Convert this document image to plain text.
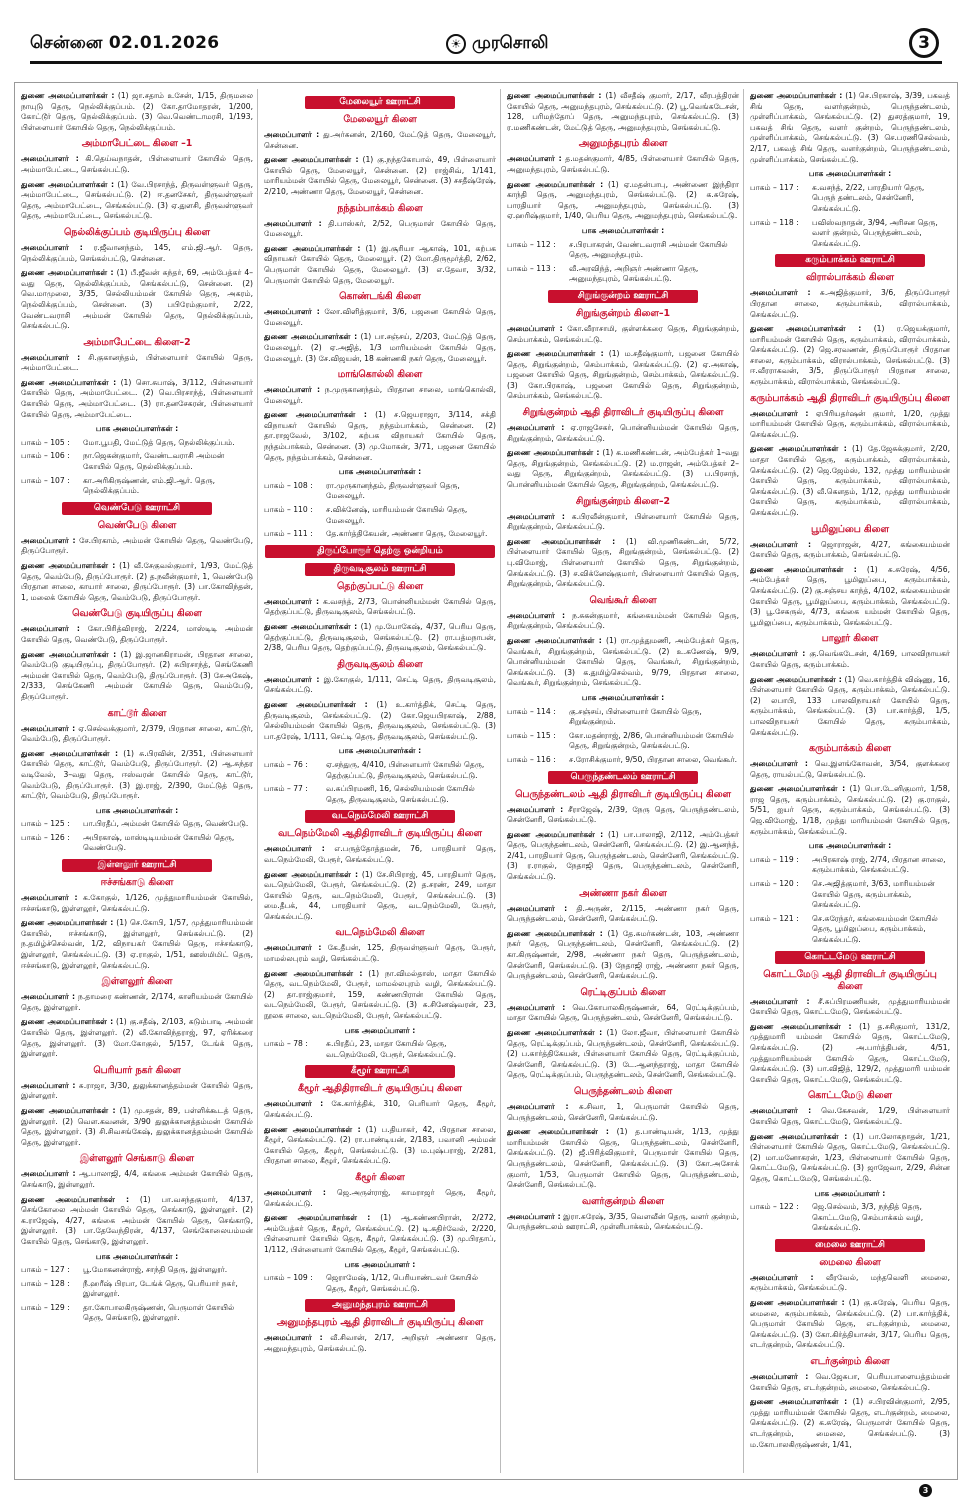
சென்னை 02.01.2026	☀ முரசொலி	3
துணை அமைப்பாளர்கள் : (1) ஜா.சதாம் உசேன், 1/15, திருமலை நாயுடு தெரு, நெல்லிக்குப்பம். (2) கோ.தாமோதரன், 1/200, கோட்டூர் தெரு, நெல்லிக்குப்பம். (3) வெ.வெண்டாமரசி, 1/193, பிள்ளையார் கோயில் தெரு, நெல்லிக்குப்பம்.
அம்மாபேட்டை கிளை –1
அமைப்பாளர் : கி.தெய்வநாதன், பிள்ளையார் கோயில் தெரு, அம்மாபேட்டை, செங்கல்பட்டு.
துணை அமைப்பாளர்கள் : (1) வே.பிரசாந்த், திருவள்ளுவர் தெரு, அம்மாபேட்டை, செங்கல்பட்டு. (2) ஈ.தனசேகர், திருவள்ளுவர் தெரு, அம்மாபேட்டை, செங்கல்பட்டு. (3) ஏ.துளசி, திருவள்ளுவர் தெரு, அம்மாபேட்டை, செங்கல்பட்டு.
நெல்லிக்குப்பம் குடியிருப்பு கிளை
அமைப்பாளர் : ர.ஜீவானந்தம், 145, எம்.ஜி.ஆர். தெரு, நெல்லிக்குப்பம், செங்கல்பட்டு, சென்னை.
துணை அமைப்பாளர்கள் : (1) பீ.ஜீவன் சுந்தர், 69, அம்பேத்கர் 4–வது தெரு, நெல்லிக்குப்பம், செங்கல்பட்டு, சென்னை. (2) வெ.மாமுலை, 3/35, செல்லியம்மன் கோயில் தெரு, அகரம், நெல்லிக்குப்பம், சென்னை. (3) பபிரேம்குமார், 2/22, வேண்டவராசி அம்மன் கோயில் தெரு, நெல்லிக்குப்பம், செங்கல்பட்டு.
அம்மாபேட்டை கிளை–2
அமைப்பாளர் : சி.குகானந்தம், பிள்ளையார் கோயில் தெரு, அம்மாபேட்டை.
துணை அமைப்பாளர்கள் : (1) சொ.சுபாஷ், 3/112, பிள்ளையார் கோயில் தெரு, அம்மாபேட்டை. (2) வெ.பிரசாந்த், பிள்ளையார் கோயில் தெரு, அம்மாபேட்டை. (3) ரா.தனசேகரன், பிள்ளையார் கோயில் தெரு, அம்மாபேட்டை.
பாக அமைப்பாளர்கள் :
பாகம் – 105 :	மோ.பூபதி, மேட்டுத் தெரு, நெல்லிக்குப்பம்.
பாகம் – 106 :	நா.ஜெகன்குமார், வேண்டவராசி அம்மன் கோயில் தெரு, நெல்லிக்குப்பம்.
பாகம் – 107 :	கா.அரிகிருஷ்ணன், எம்.ஜி.ஆர். தெரு, நெல்லிக்குப்பம்.
வெண்பேடு ஊராட்சி
வெண்பேடு கிளை
அமைப்பாளர் : சே.பிரகாம், அம்மன் கோயில் தெரு, வெண்பேடு, திருப்போரூர்.
துணை அமைப்பாளர்கள் : (1) வீ.சேகுவல்குமார், 1/93, மேட்டுத் தெரு, வெம்பேடு, திருப்போரூர். (2) த.நவீன்குமார், 1, வெண்பேடு பிரதான சாலை, காயார் சாலை, திருப்போரூர். (3) பா.கோவிந்தன், 1, மலைக் கோயில் தெரு, வெம்பேடு, திருப்போரூர்.
வெண்பேடு குடியிருப்பு கிளை
அமைப்பாளர் : கோ.பிரித்விராஜ், 2/224, மாஸ்டிடி அம்மன் கோயில் தெரு, வெண்பேடு, திருப்போரூர்.
துணை அமைப்பாளர்கள் : (1) இ.ஜானகிராமன், பிரதான சாலை, வெம்பேடு குடியிருப்பு, திருப்போரூர். (2) சுபிரசாந்த், செங்கேணி அம்மன் கோயில் தெரு, வெம்பேடு, திருப்போரூர். (3) சேஅகேஷ், 2/333, செங்கேணி அம்மன் கோயில் தெரு, வெம்பேடு, திருப்போரூர்.
காட்டூர் கிளை
அமைப்பாளர் : ஏ.செல்வக்குமார், 2/379, பிரதான சாலை, காட்டூர், வெம்பேடு, திருப்போரூர்.
துணை அமைப்பாளர்கள் : (1) சு.பிரவின், 2/351, பிள்ளையார் கோயில் தெரு, காட்டூர், வெம்பேடு, திருப்போரூர். (2) ஆ.சுந்தர வடிவேல், 3–வது தெரு, ஈஸ்வரன் கோயில் தெரு, காட்டூர், வெம்பேடு, திருப்போரூர். (3) இ.ராஜ், 2/390, மேட்டுத் தெரு, காட்டூர், வெம்பேடு, திருப்போரூர்.
பாக அமைப்பாளர்கள் :
பாகம் – 125 :	பா.பிரதீப், அம்மன் கோயில் தெரு, வெண்பேடு.
பாகம் – 126 :	அபிரகாஷ், மாஸ்டிடியம்மன் கோயில் தெரு, வெண்பேடு.
இள்ளலூர் ஊராட்சி
ஈச்சங்காடு கிளை
அமைப்பாளர் : க.கோகுல், 1/126, முத்துமாரியம்மன் கோயில், ஈச்சங்காடு, இள்ளலூர், செங்கல்பட்டு.
துணை அமைப்பாளர்கள் : (1) செ.கோபி, 1/57, முத்துமாரியம்மன் கோயில், ஈச்சங்காடு, இள்ளலூர், செங்கல்பட்டு. (2) ந.தமிழ்ச்செல்வன், 1/2, விநாயகர் கோயில் தெரு, ஈச்சங்காடு, இள்ளலூர், செங்கல்பட்டு. (3) ஏ.ராகுல், 1/51, ஊஸ்மிமிட் தெரு, ஈச்சங்காடு, இள்ளலூர், செங்கல்பட்டு.
இள்ளலூர் கிளை
அமைப்பாளர் : ந.தாமரை கண்ணன், 2/174, காளியம்மன் கோயில் தெரு, இள்ளலூர்.
துணை அமைப்பாளர்கள் : (1) கு.சதீஷ், 2/103, கடும்பாடி அம்மன் கோயில் தெரு, இள்ளலூர். (2) வீ.கோவிந்தராஜ், 97, ஏரிக்கரை தெரு, இள்ளலூர். (3) மோ.கோகுல், 5/157, டேங்க் தெரு, இள்ளலூர்.
பெரியார் நகர் கிளை
அமைப்பாளர் : சு.ராஜா, 3/30, துலுக்கானத்தம்மன் கோயில் தெரு, இள்ளலூர்.
துணை அமைப்பாளர்கள் : (1) மு.சதன், 89, பள்ளிக்கூடத் தெரு, இள்ளலூர். (2) வெள.கவனன், 3/90 துலுக்கானத்தம்மன் கோயில் தெரு, இள்ளலூர். (3) சி.சிவசங்கேஷ், துலுக்கானத்தம்மன் கோயில் தெரு, இள்ளலூர்.
இள்ளலூர் செங்காடு கிளை
அமைப்பாளர் : ஆ.பாலாஜி, 4/4, கங்கை அம்மன் கோயில் தெரு, செங்காடு, இள்ளலூர்.
துணை அமைப்பாளர்கள் : (1) பா.வசந்தகுமார், 4/137, செங்கோலை அம்மன் கோயில் தெரு, செங்காடு, இள்ளலூர். (2) க.ராஜேஷ், 4/27, கங்கை அம்மன் கோயில் தெரு, செங்காடு, இள்ளலூர். (3) பா.தேவேந்திரன், 4/137, செங்கோலையம்மன் கோயில் தெரு, செங்காடு, இள்ளலூர்.
பாக அமைப்பாளர்கள் :
பாகம் – 127 :	பூ.மோகனன்ராஜ், சாந்தி தெரு, இள்ளலூர்.
பாகம் – 128 :	நீ.ஹரீஷ் பிரபா, டேங்க் தெரு, பெரியார் நகர், இள்ளலூர்.
பாகம் – 129 :	தா.கோபாலகிருஷ்ணன், பெருமாள் கோயில் தெரு, செங்காடு, இள்ளலூர்.
மேலையூர் ஊராட்சி
மேலையூர் கிளை
அமைப்பாளர் : து.அர்சுனன், 2/160, மேட்டுத் தெரு, மேலையூர், சென்னை.
துணை அமைப்பாளர்கள் : (1) கு.நந்தகோபால், 49, பிள்ளையார் கோயில் தெரு, மேலையூர், சென்னை. (2) ராஜ்சிவ், 1/141, மாரியம்மன் கோயில் தெரு, மேலையூர், சென்னை. (3) சசதீஷ்ரேஷ், 2/210, அண்ணா தெரு, மேலையூர், சென்னை.
நந்தம்பாக்கம் கிளை
அமைப்பாளர் : தி.பாஸ்கர், 2/52, பெருமாள் கோயில் தெரு, மேலையூர்.
துணை அமைப்பாளர்கள் : (1) இ.சூரியா ஆகாஷ், 101, கற்பக விநாயகர் கோயில் தெரு, மேலையூர். (2) மோ.திருமூர்த்தி, 2/62, பெருமாள் கோயில் தெரு, மேலையூர். (3) எ.தேவா, 3/32, பெருமாள் கோயில் தெரு, மேலையூர்.
கொண்டங்கி கிளை
அமைப்பாளர் : லோ.விளித்குமார், 3/6, பஜனை கோயில் தெரு, மேலையூர்.
துணை அமைப்பாளர்கள் : (1) பா.சஞ்சய், 2/203, மேட்டுத் தெரு, மேலையூர். (2) ஏ.அஜித், 1/3 மாரியம்மன் கோயில் தெரு, மேலையூர். (3) சே.விஜயன், 18 கண்ணகி நகர் தெரு, மேலையூர்.
மாங்கொல்லி கிளை
அமைப்பாளர் : ந.முருகானந்தம், பிரதான சாலை, மாங்கொல்லி, மேலையூர்.
துணை அமைப்பாளர்கள் : (1) ச.ஜெயராஜா, 3/114, சக்தி விநாயகர் கோயில் தெரு, நந்தம்பாக்கம், சென்னை. (2) தா.ராஜவேல், 3/102, கற்பக விநாயகர் கோயில் தெரு, நந்தம்பாக்கம், சென்னை. (3) மு.மோகன், 3/71, பஜனை கோயில் தெரு, நந்தம்பாக்கம், சென்னை.
பாக அமைப்பாளர்கள் :
பாகம் – 108 :	ரா.முருகானந்தம், திருவள்ளுவர் தெரு, மேலையூர்.
பாகம் – 110 :	ச.விக்னேஷ், மாரியம்மன் கோயில் தெரு, மேலையூர்.
பாகம் – 111 :	தே.கார்த்திகேயன், அண்ணா தெரு, மேலையூர்.
திருப்போரூர் தெற்கு ஒன்றியம்
திருவடிசூலம் ஊராட்சி
தெற்குப்பட்டு கிளை
அமைப்பாளர் : க.வசந்த், 2/73, பொன்னியம்மன் கோயில் தெரு, தெற்குப்பட்டு, திருவடிசூலம், செங்கல்பட்டு.
துணை அமைப்பாளர்கள் : (1) மு.யோகேஷ், 4/37, பெரிய தெரு, தெற்குப்பட்டு, திருவடிசூலம், செங்கல்பட்டு. (2) ரா.பத்மநாபன், 2/38, பெரிய தெரு, தெற்குப்பட்டு, திருவடிசூலம், செங்கல்பட்டு.
திருவடிசூலம் கிளை
அமைப்பாளர் : இ.கோகுல், 1/111, செட்டி தெரு, திருவடிசூலம், செங்கல்பட்டு.
துணை அமைப்பாளர்கள் : (1) உ.கார்த்திக், செட்டி தெரு, திருவடிசூலம், செங்கல்பட்டு. (2) கோ.ஜெயபிரகாஷ், 2/88, செல்லியம்மன் கோயில் தெரு, திருவடிசூலம், செங்கல்பட்டு. (3) பா.தரேஷ், 1/111, செட்டி தெரு, திருவடிசூலம், செங்கல்பட்டு.
பாக அமைப்பாளர்கள் :
பாகம் – 76 :	ஏ.சந்துரு, 4/410, பிள்ளையார் கோயில் தெரு, தெற்குப்பட்டு, திருவடிசூலம், செங்கல்பட்டு.
பாகம் – 77 :	வ.சுப்பிரமணி, 16, செல்லியம்மன் கோயில் தெரு, திருவடிசூலம், செங்கல்பட்டு.
வடநெம்மேலி ஊராட்சி
வடநெம்மேலி ஆதிதிராவிடர் குடியிருப்பு கிளை
அமைப்பாளர் : எ.பருத்தோத்தமன், 76, பாரதியார் தெரு, வடநெம்மேலி, பேரூர், செங்கல்பட்டு.
துணை அமைப்பாளர்கள் : (1) சே.சிபிராஜ், 45, பாரதியார் தெரு, வடநெம்மேலி, பேரூர், செங்கல்பட்டு. (2) த.சரண், 249, மாதா கோயில் தெரு, வடநெம்மேலி, பேரூர், செங்கல்பட்டு. (3) மை.தீபக், 44, பாரதியார் தெரு, வடநெம்மேலி, பேரூர், செங்கல்பட்டு.
வடநெம்மேலி கிளை
அமைப்பாளர் : கே.தீபன், 125, திருவள்ளுவர் தெரு, பேரூர், மாமல்லபுரம் வழி, செங்கல்பட்டு.
துணை அமைப்பாளர்கள் : (1) நா.விமல்தாஸ், மாதா கோயில் தெரு, வடநெம்மேலி, பேரூர், மாமல்லபுரம் வழி, செங்கல்பட்டு. (2) தா.ராஜ்குமார், 159, கண்ணபிரான் கோயில் தெரு, வடநெம்மேலி, பேரூர், செங்கல்பட்டு. (3) சு.சினேஷ்வரன், 23, நூலக சாலை, வடநெம்மேலி, பேரூர், செங்கல்பட்டு.
பாக அமைப்பாளர் :
பாகம் – 78 :	சு.பிரதீப், 23, மாதா கோயில் தெரு, வடநெம்மேலி, பேரூர், செங்கல்பட்டு.
கீழூர் ஊராட்சி
கீழூர் ஆதிதிராவிடர் குடியிருப்பு கிளை
அமைப்பாளர் : கே.கார்த்திக், 310, பெரியார் தெரு, கீழூர், செங்கல்பட்டு.
துணை அமைப்பாளர்கள் : (1) ப.தியாகர், 42, பிரதான சாலை, கீழூர், செங்கல்பட்டு. (2) ரா.பாண்டியன், 2/183, பவானி அம்மன் கோயில் தெரு, கீழூர், செங்கல்பட்டு. (3) ம.புஷ்பராஜ், 2/281, பிரதான சாலை, கீழூர், செங்கல்பட்டு.
கீழூர் கிளை
அமைப்பாளர் : ஜெ.அருள்ராஜ், காமராஜர் தெரு, கீழூர், செங்கல்பட்டு.
துணை அமைப்பாளர்கள் : (1) ஆ.கண்ணபிரான், 2/272, அம்பேத்கர் தெரு, கீழூர், செங்கல்பட்டு. (2) டி.கதிர்வேல், 2/220, பிள்ளையார் கோயில் தெரு, கீழூர், செங்கல்பட்டு. (3) மு.பிரதாப், 1/112, பிள்ளையார் கோயில் தெரு, கீழூர், செங்கல்பட்டு.
பாக அமைப்பாளர் :
பாகம் – 109 :	ஜெராமேஷ், 1/12, பெரியாண்டவர் கோயில் தெரு, கீழூர், செங்கல்பட்டு.
அனுமந்தபுரம் ஊராட்சி
அனுமந்தபுரம் ஆதி திராவிடர் குடியிருப்பு கிளை
அமைப்பாளர் : வீ.சிவான், 2/17, அறிஞர் அண்ணா தெரு, அனுமந்தபுரம், செங்கல்பட்டு.
துணை அமைப்பாளர்கள் : (1) வீசதீஷ் குமார், 2/17, வீரபத்திரன் கோயில் தெரு, அனுமந்தபுரம், செங்கல்பட்டு. (2) பூ.வெங்கடேசன், 128, பரிமந்தோப் தெரு, அனுமந்தபுரம், செங்கல்பட்டு. (3) ர.மணிகண்டன், மேட்டுத் தெரு, அனுமந்தபுரம், செங்கல்பட்டு.
அனுமந்தபுரம் கிளை
அமைப்பாளர் : த.மதன்குமார், 4/85, பிள்ளையார் கோயில் தெரு, அனுமந்தபுரம், செங்கல்பட்டு.
துணை அமைப்பாளர்கள் : (1) ஏ.மதன்பாபு, அண்ணை இந்திரா காந்தி தெரு, அனுமந்தபுரம், செங்கல்பட்டு. (2) க.சுரேஷ், பாரதியார் தெரு, அனுமந்தபுரம், செங்கல்பட்டு. (3) ஏ.ஹரிஷ்குமார், 1/40, பெரிய தெரு, அனுமந்தபுரம், செங்கல்பட்டு.
பாக அமைப்பாளர்கள் :
பாகம் – 112 :	ச.பிரபாகரன், வேண்டவராசி அம்மன் கோயில் தெரு, அனுமந்தபுரம்.
பாகம் – 113 :	வீ.அரவிந்த், அறிஞர் அண்ணா தெரு, அனுமந்தபுரம், செங்கல்பட்டு.
சிறுங்குன்றம் ஊராட்சி
சிறுங்குன்றம் கிளை–1
அமைப்பாளர் : கோ.வீராசாமி, குள்ளக்கரை தெரு, சிறுங்குன்றம், செம்பாக்கம், செங்கல்பட்டு.
துணை அமைப்பாளர்கள் : (1) ம.சதீஷ்குமார், பஜனை கோயில் தெரு, சிறுங்குன்றம், செம்பாக்கம், செங்கல்பட்டு. (2) ஏ.அகாஷ், பஜனை கோயில் தெரு, சிறுங்குன்றம், செம்பாக்கம், செங்கல்பட்டு. (3) கோ.பிரகாஷ், பஜனை கோயில் தெரு, சிறுங்குன்றம், செம்பாக்கம், செங்கல்பட்டு.
சிறுங்குன்றம் ஆதி திராவிடர் குடியிருப்பு கிளை
அமைப்பாளர் : ஏ.ராஜசேகர், பொன்னியம்மன் கோயில் தெரு, சிறுங்குன்றம், செங்கல்பட்டு.
துணை அமைப்பாளர்கள் : (1) க.மணிகண்டன், அம்பேத்கர் 1–வது தெரு, சிறுங்குன்றம், செங்கல்பட்டு. (2) ம.ராஜன், அம்பேத்கர் 2–வது தெரு, சிறுங்குன்றம், செங்கல்பட்டு. (3) ப.பிரசாந், பொன்னியம்மன் கோயில் தெரு, சிறுங்குன்றம், செங்கல்பட்டு.
சிறுங்குன்றம் கிளை–2
அமைப்பாளர் : க.பிரவீன்குமார், பிள்ளையார் கோயில் தெரு, சிறுங்குன்றம், செங்கல்பட்டு.
துணை அமைப்பாளர்கள் : (1) வி.முணிகண்டன், 5/72, பிள்ளையார் கோயில் தெரு, சிறுங்குன்றம், செங்கல்பட்டு. (2) பு.விமோஜ், பிள்ளையார் கோயில் தெரு, சிறுங்குன்றம், செங்கல்பட்டு. (3) ச.விக்னேஷ்குமார், பிள்ளையார் கோயில் தெரு, சிறுங்குன்றம், செங்கல்பட்டு.
வெங்கூர் கிளை
அமைப்பாளர் : ந.சுகன்குமார், கங்கையம்மன் கோயில் தெரு, சிறுங்குன்றம், செங்கல்பட்டு.
துணை அமைப்பாளர்கள் : (1) ரா.முத்துமணி, அம்பேத்கர் தெரு, வெங்கூர், சிறுங்குன்றம், செங்கல்பட்டு. (2) உ.கணேஷ், 9/9, பொன்னியம்மன் கோயில் தெரு, வெங்கூர், சிறுங்குன்றம், செங்கல்பட்டு. (3) க.துமிழ்செல்வம், 9/79, பிரதான சாலை, வெங்கூர், சிறுங்குன்றம், செங்கல்பட்டு.
பாக அமைப்பாளர்கள் :
பாகம் – 114 :	கு.சஞ்சய், பிள்ளையார் கோயில் தெரு, சிறுங்குன்றம்.
பாகம் – 115 :	கோ.மதன்ராஜ், 2/86, பொன்னியம்மன் கோயில் தெரு, சிறுங்குன்றம், செங்கல்பட்டு.
பாகம் – 116 :	ச.ரோசிக்குமார், 9/50, பிரதான சாலை, வெங்கூர்.
பெருந்தண்டலம் ஊராட்சி
பெருந்தண்டலம் ஆதி திராவிடர் குடியிருப்பு கிளை
அமைப்பாளர் : சீராஜேஷ், 2/39, நேரு தெரு, பெருந்தண்டலம், சென்னேரி, செங்கல்பட்டு.
துணை அமைப்பாளர்கள் : (1) பா.பாலாஜி, 2/112, அம்பேத்கர் தெரு, பெருந்தண்டலம், சென்னேரி, செங்கல்பட்டு. (2) இ.ஆனந்த், 2/41, பாரதியார் தெரு, பெருந்தண்டலம், சென்னேரி, செங்கல்பட்டு. (3) ர.ராகுல், நேதாஜி தெரு, பெருந்தண்டலம், சென்னேரி, செங்கல்பட்டு.
அண்ணா நகர் கிளை
அமைப்பாளர் : தி.அருண், 2/115, அண்ணா நகர் தெரு, பெருந்தண்டலம், சென்னேரி, செங்கல்பட்டு.
துணை அமைப்பாளர்கள் : (1) தே.சுமர்கண்டன், 103, அண்ணா நகர் தெரு, பெருந்தண்டலம், சென்னேரி, செங்கல்பட்டு. (2) கா.கிருஷ்ணன், 2/98, அண்ணா நகர் தெரு, பெருந்தண்டலம், சென்னேரி, செங்கல்பட்டு. (3) நேதாஜி ராஜ், அண்ணா நகர் தெரு, பெருந்தண்டலம், சென்னேரி, செங்கல்பட்டு.
ரெட்டிகுப்பம் கிளை
அமைப்பாளர் : வெ.கோபாலகிருஷ்ணன், 64, ரெட்டிக்குப்பம், மாதா கோயில் தெரு, பெருந்தண்டலம், சென்னேரி, செங்கல்பட்டு.
துணை அமைப்பாளர்கள் : (1) லோ.ஜீவா, பிள்ளையார் கோயில் தெரு, ரெட்டிக்குப்பம், பெருந்தண்டலம், சென்னேரி, செங்கல்பட்டு. (2) ப.கார்த்திகேயன், பிள்ளையார் கோயில் தெரு, ரெட்டிக்குப்பம், சென்னேரி, செங்கல்பட்டு. (3) டே.ஆனந்தராஜ், மாதா கோயில் தெரு, ரெட்டிக்குப்பம், பெருந்தண்டலம், சென்னேரி, செங்கல்பட்டு.
பெருந்தண்டலம் கிளை
அமைப்பாளர் : சு.சிவா, 1, பெருமாள் கோயில் தெரு, பெருந்தண்டலம், சென்னேரி, செங்கல்பட்டு.
துணை அமைப்பாளர்கள் : (1) த.பாண்டியன், 1/13, முத்து மாரியம்மன் கோயில் தெரு, பெருந்தண்டலம், சென்னேரி, செங்கல்பட்டு. (2) ஜீ.பிரித்விகுமார், பெருமாள் கோயில் தெரு, பெருந்தண்டலம், சென்னேரி, செங்கல்பட்டு. (3) கோ.அசோக் குமார், 1/53, பெருமாள் கோயில் தெரு, பெருந்தண்டலம், சென்னேரி, செங்கல்பட்டு.
வளர்குன்றம் கிளை
அமைப்பாளர் : இரா.சுரேஷ், 3/35, வெளவீன் தெரு, வளர் குன்றம், பெருந்தண்டலம் ஊராட்சி, முள்ளிபாக்கம், செங்கல்பட்டு.
துணை அமைப்பாளர்கள் : (1) செ.பிரகாஷ், 3/39, பகவத் சிங் தெரு, வளர்குன்றம், பெருந்தண்டலம், முள்ளிப்பாக்கம், செங்கல்பட்டு. (2) துசரத்குமார், 19, பகவத் சிங் தெரு, வளர் குன்றம், பெருந்தண்டலம், முள்ளிப்பாக்கம், செங்கல்பட்டு. (3) செ.பரணிசெல்வம், 2/17, பகவத் சிங் தெரு, வளர்குன்றம், பெருந்தண்டலம், முள்ளிப்பாக்கம், செங்கல்பட்டு.
பாக அமைப்பாளர்கள் :
பாகம் – 117 :	சு.வசந்த், 2/22, பாரதியார் தெரு, பெருந் தண்டலம், சென்னேரி, செங்கல்பட்டு.
பாகம் – 118 :	பவிஸ்வநாதன், 3/94, அரிசன தெரு, வளர் குன்றம், பெருந்தண்டலம், செங்கல்பட்டு.
கரும்பாக்கம் ஊராட்சி
விரால்பாக்கம் கிளை
அமைப்பாளர் : சு.அஜித்குமார், 3/6, திருப்போரூர் பிரதான சாலை, கரும்பாக்கம், விரால்பாக்கம், செங்கல்பட்டு.
துணை அமைப்பாளர்கள் : (1) ர.ஜெயக்குமார், மாரியம்மன் கோயில் தெரு, கரும்பாக்கம், விரால்பாக்கம், செங்கல்பட்டு. (2) ஜெ.சரவணன், திருப்போரூர் பிரதான சாலை, கரும்பாக்கம், விரால்பாக்கம், செங்கல்பட்டு. (3) ஈ.வீரராகவன், 3/5, திருப்போரூர் பிரதான சாலை, கரும்பாக்கம், விரால்பாக்கம், செங்கல்பட்டு.
கரும்பாக்கம் ஆதி திராவிடர் குடியிருப்பு கிளை
அமைப்பாளர் : ஏபிரியதர்ஷன் குமார், 1/20, முத்து மாரியம்மன் கோயில் தெரு, கரும்பாக்கம், விரால்பாக்கம், செங்கல்பட்டு.
துணை அமைப்பாளர்கள் : (1) தே.ஜேசுக்குமார், 2/20, மாதா கோயில் தெரு, கரும்பாக்கம், விரால்பாக்கம், செங்கல்பட்டு. (2) ஜெ.ஜேம்ஸ், 132, முத்து மாரியம்மன் கோயில் தெரு, கரும்பாக்கம், விரால்பாக்கம், செங்கல்பட்டு. (3) வீ.கௌதம், 1/12, முத்து மாரியம்மன் கோயில் தெரு, கரும்பாக்கம், விரால்பாக்கம், செங்கல்பட்டு.
பூமிலுப்பை கிளை
அமைப்பாளர் : ஜொராஜன், 4/27, கங்கையம்மன் கோயில் தெரு, கரும்பாக்கம், செங்கல்பட்டு.
துணை அமைப்பாளர்கள் : (1) சு.சுரேஷ், 4/56, அம்பேத்கர் தெரு, பூமிலுப்பை, கரும்பாக்கம், செங்கல்பட்டு. (2) கு.சஞ்சய காந்த், 4/102, கங்கையம்மன் கோயில் தெரு, பூமிலுப்பை, கரும்பாக்கம், செங்கல்பட்டு. (3) பூ.சேகருல், 4/73, கங்கை யம்மன் கோயில் தெரு, பூமிலுப்பை, கரும்பாக்கம், செங்கல்பட்டு.
பாலூர் கிளை
அமைப்பாளர் : கு.வெங்கடேசன், 4/169, பாலவிநாயகர் கோயில் தெரு, கரும்பாக்கம்.
துணை அமைப்பாளர்கள் : (1) வெ.கார்த்திக் விஷ்ணு, 16, பிள்ளையார் கோயில் தெரு, கரும்பாக்கம், செங்கல்பட்டு. (2) லபாபி, 133 பாலவிநாயகர் கோயில் தெரு, கரும்பாக்கம், செங்கல்பட்டு. (3) பா.கார்த்தி, 1/5, பாலவிநாயகர் கோயில் தெரு, கரும்பாக்கம், செங்கல்பட்டு.
கரும்பாக்கம் கிளை
அமைப்பாளர் : வெ.இளங்கோவன், 3/54, குளக்கரை தெரு, ராயல்பட்டு, செங்கல்பட்டு.
துணை அமைப்பாளர்கள் : (1) பொ.டேனிகுமார், 1/58, ராஜ தெரு, கரும்பாக்கம், செங்கல்பட்டு. (2) கு.ராகுல், 5/51, ஐயர் தெரு, கரும்பாக்கம், செங்கல்பட்டு. (3) ஜெ.விமோஜ், 1/18, முத்து மாரியம்மன் கோயில் தெரு, கரும்பாக்கம், செங்கல்பட்டு.
பாக அமைப்பாளர்கள் :
பாகம் – 119 :	அபிரகாஷ் ராஜ், 2/74, பிரதான சாலை, கரும்பாக்கம், செங்கல்பட்டு.
பாகம் – 120 :	செ.அஜித்குமார், 3/63, மாரியம்மன் கோயில் தெரு, கரும்பாக்கம், செங்கல்பட்டு.
பாகம் – 121 :	செ.சுரேந்தர், கங்கையம்மன் கோயில் தெரு, பூமிலுப்பை, கரும்பாக்கம், செங்கல்பட்டு.
கொட்டமேடு ஊராட்சி
கொட்டமேடு ஆதி திராவிடர் குடியிருப்பு கிளை
அமைப்பாளர் : சீ.சுப்பிரமணியன், முத்துமாரியம்மன் கோயில் தெரு, கொட்டமேடு, செங்கல்பட்டு.
துணை அமைப்பாளர்கள் : (1) த.சசிகுமார், 131/2, முத்துமாரி யம்மன் கோயில் தெரு, கொட்டமேடு, செங்கல்பட்டு. (2) அ.பார்த்திபன், 4/51, முத்துமாரியம்மன் கோயில் தெரு, கொட்டமேடு, செங்கல்பட்டு. (3) பா.விஜித், 129/2, முத்துமாரி யம்மன் கோயில் தெரு, கொட்டமேடு, செங்கல்பட்டு.
கொட்டமேடு கிளை
அமைப்பாளர் : வெ.கேசவன், 1/29, பிள்ளையார் கோயில் தெரு, கொட்டமேடு, செங்கல்பட்டு.
துணை அமைப்பாளர்கள் : (1) பா.லோகநாதன், 1/21, பிள்ளையார் கோயில் தெரு, கொட்டமேடு, செங்கல்பட்டு. (2) மா.மனோகரன், 1/23, பிள்ளையார் கோயில் தெரு, கொட்டமேடு, செங்கல்பட்டு. (3) ஜாஜேவா, 2/29, சின்ன தெரு, கொட்டமேடு, செங்கல்பட்டு.
பாக அமைப்பாளர் :
பாகம் – 122 :	ஜெ.செல்வம், 3/3, நந்தித் தெரு, கொட்டமேடு, செம்பாக்கம் வழி, செங்கல்பட்டு.
மைலை ஊராட்சி
மைலை கிளை
அமைப்பாளர் : வீரவேல், மந்தவெளி மைலை, கரும்பாக்கம், செங்கல்பட்டு.
துணை அமைப்பாளர்கள் : (1) கு.சுரேஷ், பெரிய தெரு, மைலை, கரும்பாக்கம், செங்கல்பட்டு. (2) பா.கார்த்திக், பெருமாள் கோயில் தெரு, எடர்குன்றம், மைலை, செங்கல்பட்டு. (3) கோ.கிர்த்தியாசன், 3/17, பெரிய தெரு, எடர்குன்றம், செங்கல்பட்டு.
எடர்குன்றம் கிளை
அமைப்பாளர் : வெ.ஜேசுபா, பெரியபாளையத்தம்மன் கோயில் தெரு, எடர்குன்றம், மைலை, செங்கல்பட்டு.
துணை அமைப்பாளர்கள் : (1) ச.பிரவின்குமார், 2/95, முத்து மாரியம்மன் கோயில் தெரு, எடர்குன்றம், மைலை, செங்கல்பட்டு. (2) க.சுரேஷ், பெருமாள் கோயில் தெரு, எடர்குன்றம், மைலை, செங்கல்பட்டு. (3) ம.கோபாலகிருஷ்ணன், 1/41,
3
